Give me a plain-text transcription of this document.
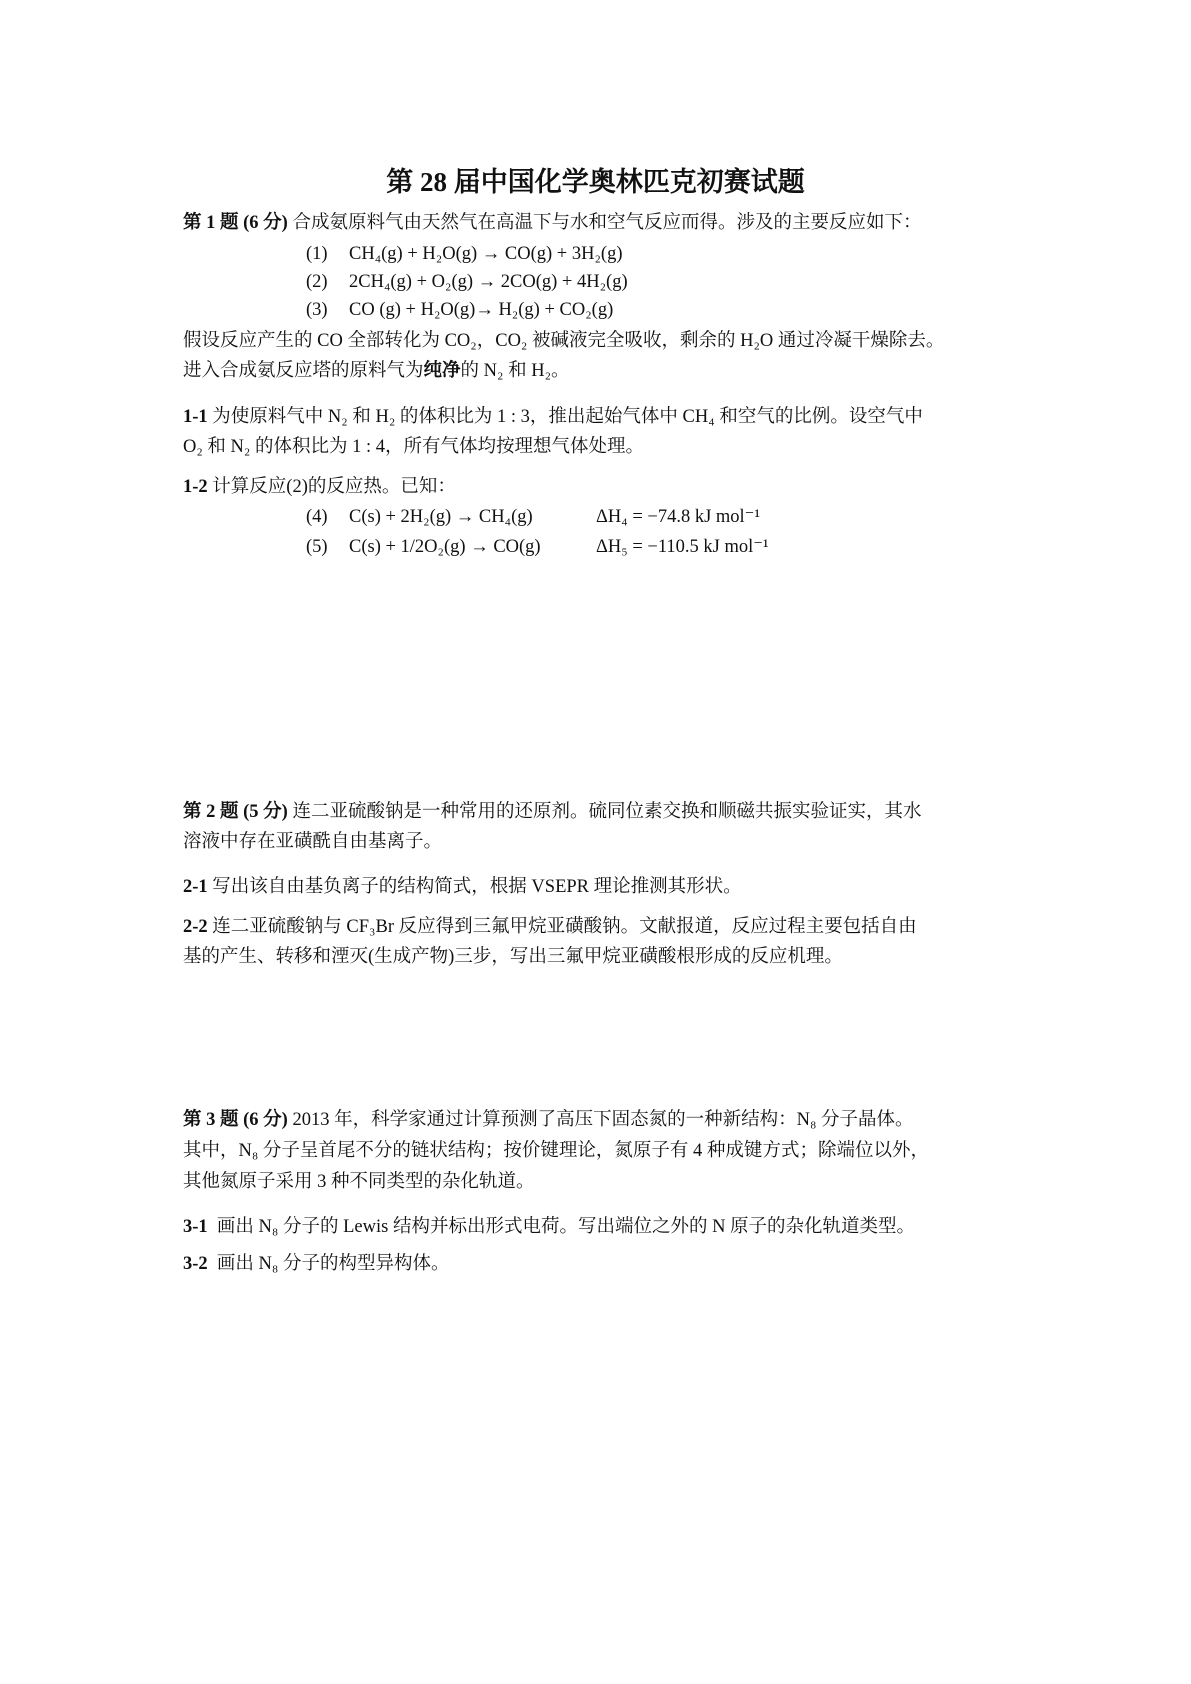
第 28 届中国化学奥林匹克初赛试题
第 1 题 (6 分) 合成氨原料气由天然气在高温下与水和空气反应而得。涉及的主要反应如下：
(1) CH₄(g) + H₂O(g) → CO(g) + 3H₂(g)
(2) 2CH₄(g) + O₂(g) → 2CO(g) + 4H₂(g)
(3) CO (g) + H₂O(g)→ H₂(g) + CO₂(g)
假设反应产生的 CO 全部转化为 CO₂，CO₂ 被碱液完全吸收，剩余的 H₂O 通过冷凝干燥除去。
进入合成氨反应塔的原料气为纯净的 N₂ 和 H₂。
1-1 为使原料气中 N₂ 和 H₂ 的体积比为 1 : 3，推出起始气体中 CH₄ 和空气的比例。设空气中
O₂ 和 N₂ 的体积比为 1 : 4，所有气体均按理想气体处理。
1-2 计算反应(2)的反应热。已知：
(4) C(s) + 2H₂(g) → CH₄(g)	ΔH₄ = −74.8 kJ mol⁻¹
(5) C(s) + 1/2O₂(g) → CO(g)	ΔH₅ = −110.5 kJ mol⁻¹
第 2 题 (5 分) 连二亚硫酸钠是一种常用的还原剂。硫同位素交换和顺磁共振实验证实，其水
溶液中存在亚磺酰自由基离子。
2-1 写出该自由基负离子的结构简式，根据 VSEPR 理论推测其形状。
2-2 连二亚硫酸钠与 CF₃Br 反应得到三氟甲烷亚磺酸钠。文献报道，反应过程主要包括自由
基的产生、转移和湮灭(生成产物)三步，写出三氟甲烷亚磺酸根形成的反应机理。
第 3 题 (6 分) 2013 年，科学家通过计算预测了高压下固态氮的一种新结构：N₈ 分子晶体。
其中，N₈ 分子呈首尾不分的链状结构；按价键理论，氮原子有 4 种成键方式；除端位以外，
其他氮原子采用 3 种不同类型的杂化轨道。
3-1 画出 N₈ 分子的 Lewis 结构并标出形式电荷。写出端位之外的 N 原子的杂化轨道类型。
3-2 画出 N₈ 分子的构型异构体。
